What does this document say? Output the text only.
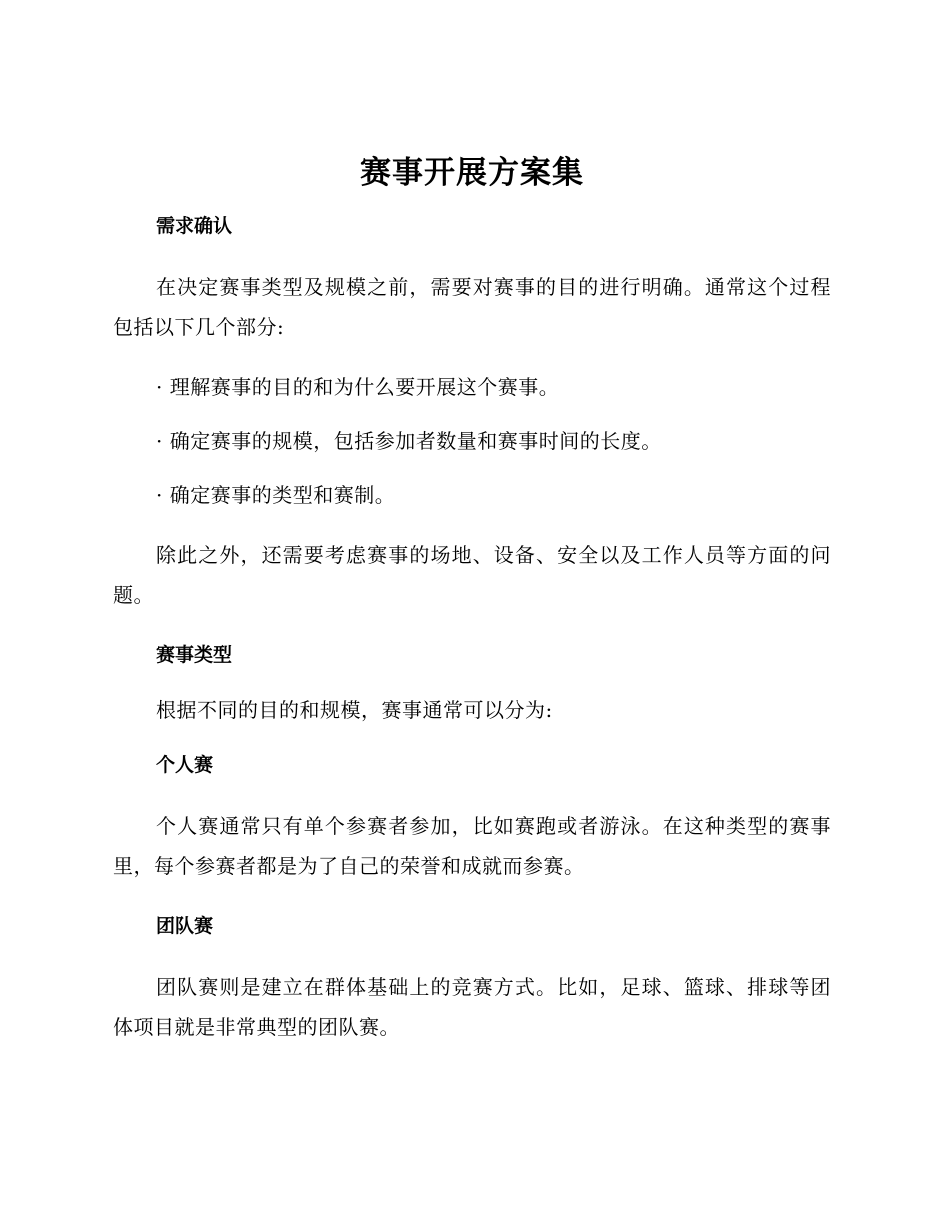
赛事开展方案集
需求确认

在决定赛事类型及规模之前，需要对赛事的目的进行明确。通常这个过程包括以下几个部分:

· 理解赛事的目的和为什么要开展这个赛事。

· 确定赛事的规模，包括参加者数量和赛事时间的长度。

· 确定赛事的类型和赛制。

除此之外，还需要考虑赛事的场地、设备、安全以及工作人员等方面的问题。

赛事类型

根据不同的目的和规模，赛事通常可以分为:

个人赛

个人赛通常只有单个参赛者参加，比如赛跑或者游泳。在这种类型的赛事里，每个参赛者都是为了自己的荣誉和成就而参赛。

团队赛

团队赛则是建立在群体基础上的竞赛方式。比如，足球、篮球、排球等团体项目就是非常典型的团队赛。
